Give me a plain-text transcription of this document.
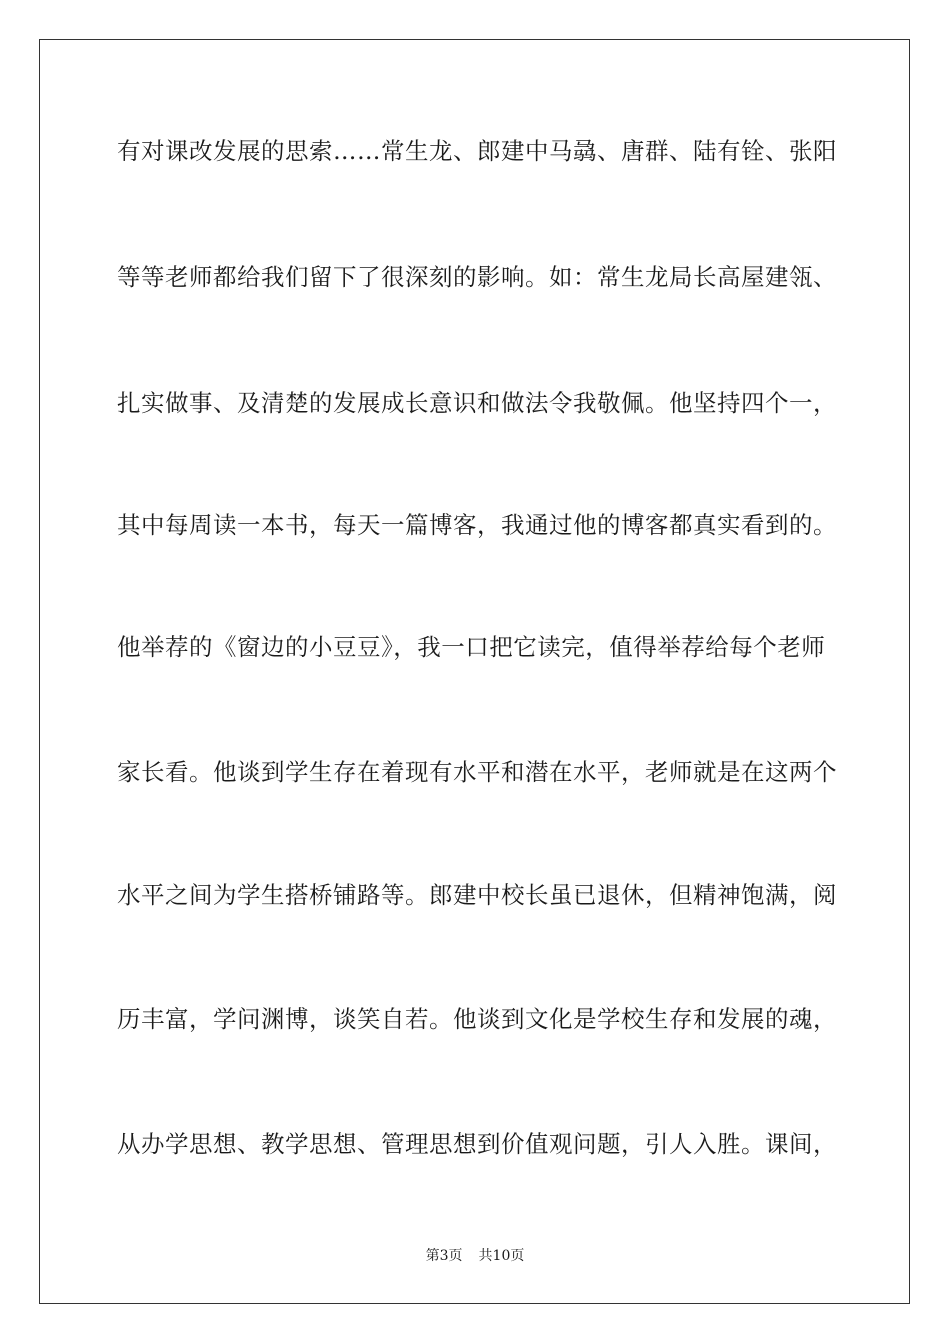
有对课改发展的思索……常生龙、郎建中马骉、唐群、陆有铨、张阳
等等老师都给我们留下了很深刻的影响。如：常生龙局长高屋建瓴、
扎实做事、及清楚的发展成长意识和做法令我敬佩。他坚持四个一，
其中每周读一本书，每天一篇博客，我通过他的博客都真实看到的。
他举荐的《窗边的小豆豆》，我一口把它读完，值得举荐给每个老师
家长看。他谈到学生存在着现有水平和潜在水平，老师就是在这两个
水平之间为学生搭桥铺路等。郎建中校长虽已退休，但精神饱满，阅
历丰富，学问渊博，谈笑自若。他谈到文化是学校生存和发展的魂，
从办学思想、教学思想、管理思想到价值观问题，引人入胜。课间，
第3页 共10页
